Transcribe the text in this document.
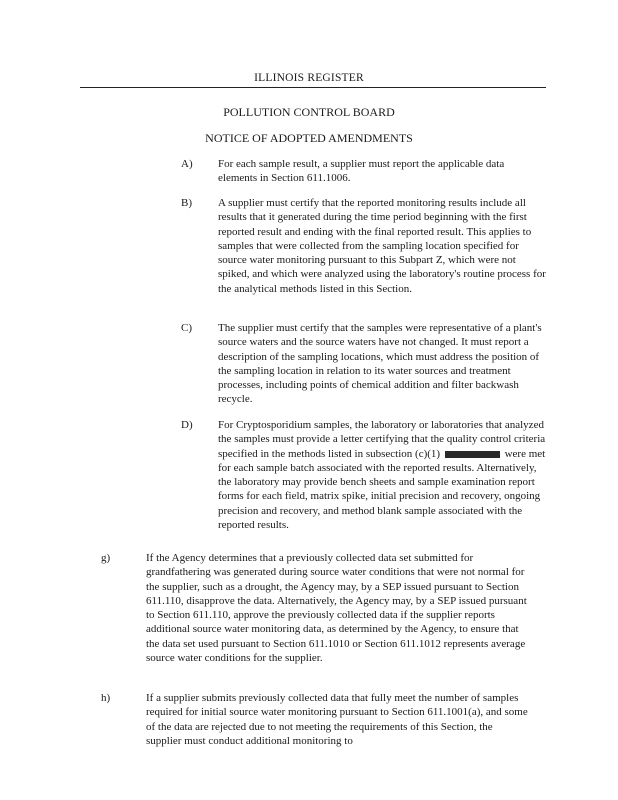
ILLINOIS REGISTER
POLLUTION CONTROL BOARD
NOTICE OF ADOPTED AMENDMENTS
A) For each sample result, a supplier must report the applicable data elements in Section 611.1006.
B) A supplier must certify that the reported monitoring results include all results that it generated during the time period beginning with the first reported result and ending with the final reported result. This applies to samples that were collected from the sampling location specified for source water monitoring pursuant to this Subpart Z, which were not spiked, and which were analyzed using the laboratory's routine process for the analytical methods listed in this Section.
C) The supplier must certify that the samples were representative of a plant's source waters and the source waters have not changed. It must report a description of the sampling locations, which must address the position of the sampling location in relation to its water sources and treatment processes, including points of chemical addition and filter backwash recycle.
D) For Cryptosporidium samples, the laboratory or laboratories that analyzed the samples must provide a letter certifying that the quality control criteria specified in the methods listed in subsection (c)(1)	were met for each sample batch associated with the reported results. Alternatively, the laboratory may provide bench sheets and sample examination report forms for each field, matrix spike, initial precision and recovery, ongoing precision and recovery, and method blank sample associated with the reported results.
g)	If the Agency determines that a previously collected data set submitted for grandfathering was generated during source water conditions that were not normal for the supplier, such as a drought, the Agency may, by a SEP issued pursuant to Section 611.110, disapprove the data. Alternatively, the Agency may, by a SEP issued pursuant to Section 611.110, approve the previously collected data if the supplier reports additional source water monitoring data, as determined by the Agency, to ensure that the data set used pursuant to Section 611.1010 or Section 611.1012 represents average source water conditions for the supplier.
h)	If a supplier submits previously collected data that fully meet the number of samples required for initial source water monitoring pursuant to Section 611.1001(a), and some of the data are rejected due to not meeting the requirements of this Section, the supplier must conduct additional monitoring to
